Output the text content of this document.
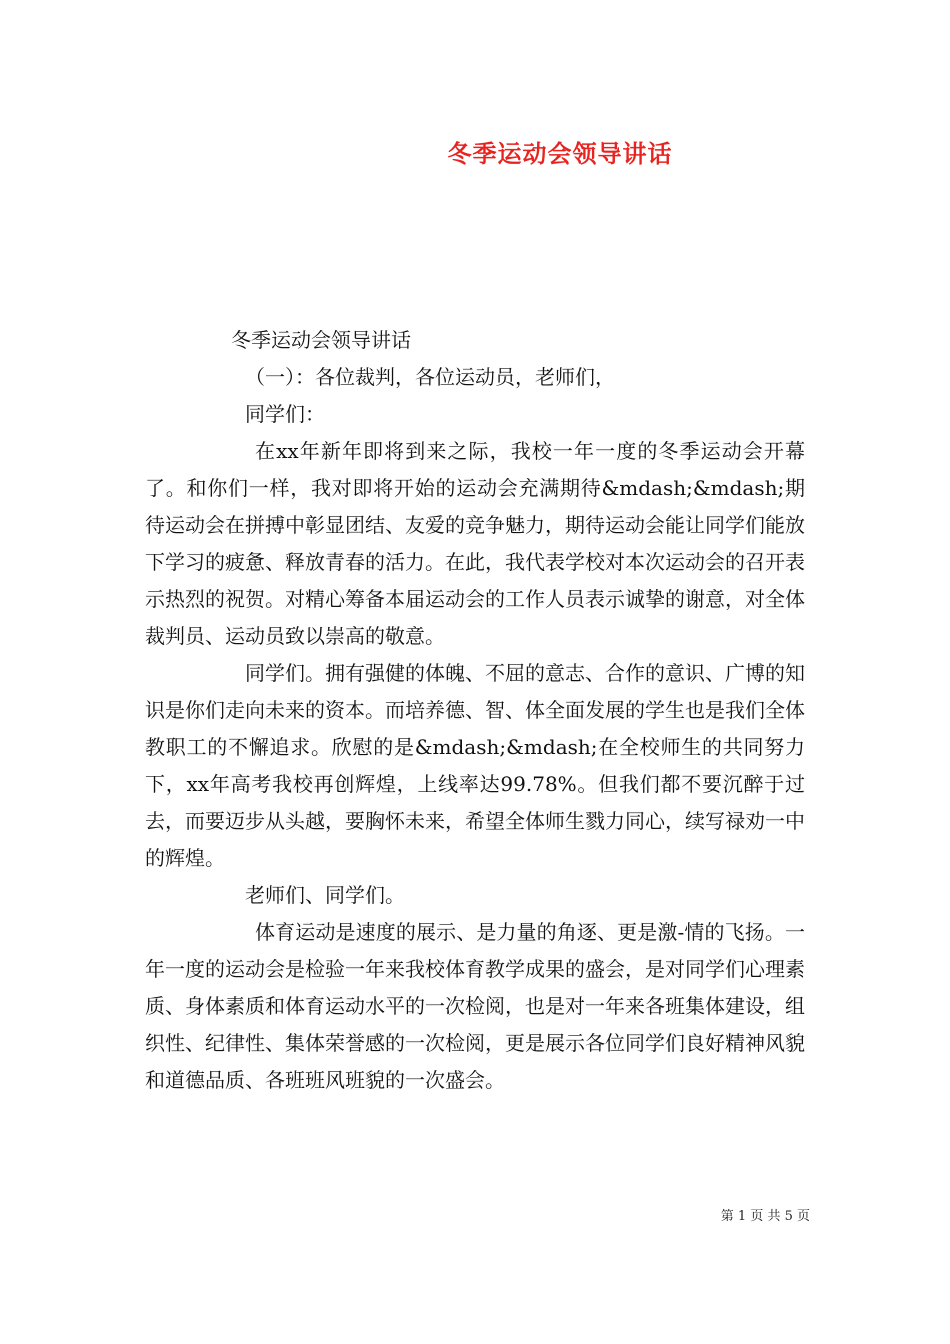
冬季运动会领导讲话

冬季运动会领导讲话

（一）：各位裁判，各位运动员，老师们，

同学们：

在xx年新年即将到来之际，我校一年一度的冬季运动会开幕了。和你们一样，我对即将开始的运动会充满期待&mdash;&mdash;期待运动会在拼搏中彰显团结、友爱的竞争魅力，期待运动会能让同学们能放下学习的疲惫、释放青春的活力。在此，我代表学校对本次运动会的召开表示热烈的祝贺。对精心筹备本届运动会的工作人员表示诚挚的谢意，对全体裁判员、运动员致以崇高的敬意。

同学们。拥有强健的体魄、不屈的意志、合作的意识、广博的知识是你们走向未来的资本。而培养德、智、体全面发展的学生也是我们全体教职工的不懈追求。欣慰的是&mdash;&mdash;在全校师生的共同努力下，xx年高考我校再创辉煌，上线率达99.78%。但我们都不要沉醉于过去，而要迈步从头越，要胸怀未来，希望全体师生戮力同心，续写禄劝一中的辉煌。

老师们、同学们。

体育运动是速度的展示、是力量的角逐、更是激-情的飞扬。一年一度的运动会是检验一年来我校体育教学成果的盛会，是对同学们心理素质、身体素质和体育运动水平的一次检阅，也是对一年来各班集体建设，组织性、纪律性、集体荣誉感的一次检阅，更是展示各位同学们良好精神风貌和道德品质、各班班风班貌的一次盛会。

第 1 页 共 5 页
